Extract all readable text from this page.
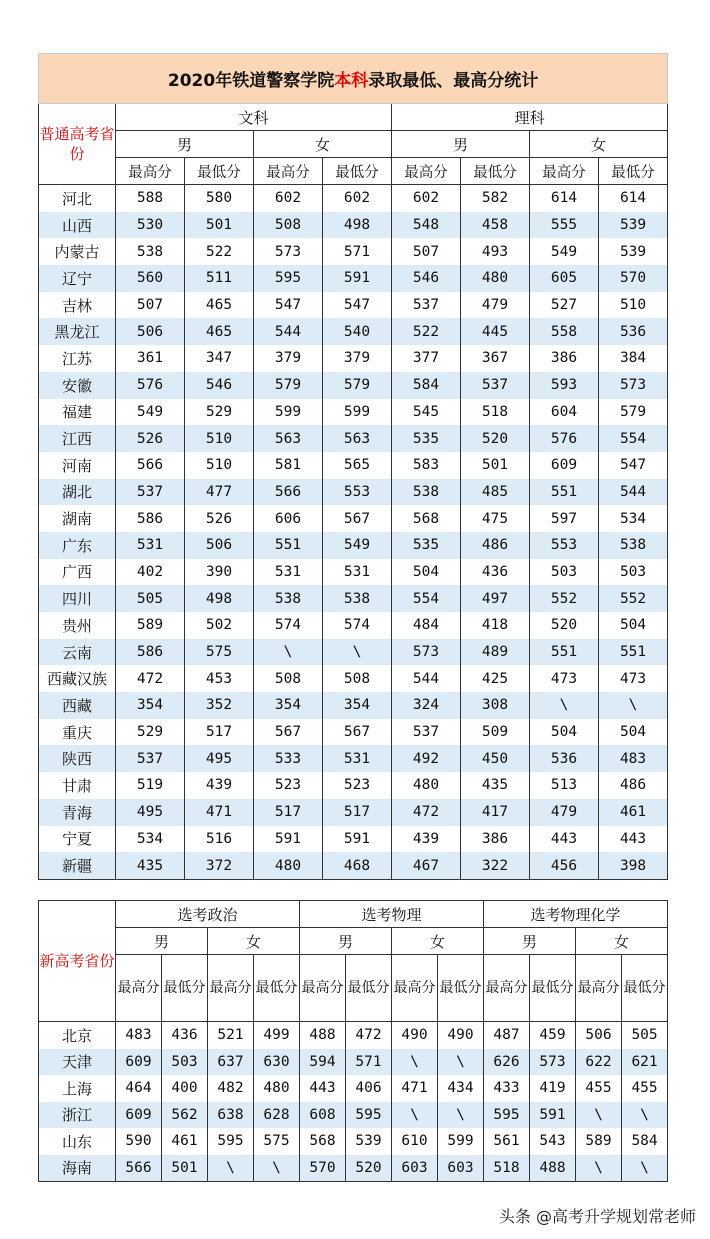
2020年铁道警察学院本科录取最低、最高分统计								
普通高考省份	文科				理科			
	男		女		男		女	
	最高分	最低分	最高分	最低分	最高分	最低分	最高分	最低分
河北	588	580	602	602	602	582	614	614
山西	530	501	508	498	548	458	555	539
内蒙古	538	522	573	571	507	493	549	539
辽宁	560	511	595	591	546	480	605	570
吉林	507	465	547	547	537	479	527	510
黑龙江	506	465	544	540	522	445	558	536
江苏	361	347	379	379	377	367	386	384
安徽	576	546	579	579	584	537	593	573
福建	549	529	599	599	545	518	604	579
江西	526	510	563	563	535	520	576	554
河南	566	510	581	565	583	501	609	547
湖北	537	477	566	553	538	485	551	544
湖南	586	526	606	567	568	475	597	534
广东	531	506	551	549	535	486	553	538
广西	402	390	531	531	504	436	503	503
四川	505	498	538	538	554	497	552	552
贵州	589	502	574	574	484	418	520	504
云南	586	575	\	\	573	489	551	551
西藏汉族	472	453	508	508	544	425	473	473
西藏	354	352	354	354	324	308	\	\
重庆	529	517	567	567	537	509	504	504
陕西	537	495	533	531	492	450	536	483
甘肃	519	439	523	523	480	435	513	486
青海	495	471	517	517	472	417	479	461
宁夏	534	516	591	591	439	386	443	443
新疆	435	372	480	468	467	322	456	398
新高考省份	选考政治				选考物理				选考物理化学			
	男		女		男		女		男		女	
	最高分	最低分	最高分	最低分	最高分	最低分	最高分	最低分	最高分	最低分	最高分	最低分
北京	483	436	521	499	488	472	490	490	487	459	506	505
天津	609	503	637	630	594	571	\	\	626	573	622	621
上海	464	400	482	480	443	406	471	434	433	419	455	455
浙江	609	562	638	628	608	595	\	\	595	591	\	\
山东	590	461	595	575	568	539	610	599	561	543	589	584
海南	566	501	\	\	570	520	603	603	518	488	\	\
头条 @高考升学规划常老师
